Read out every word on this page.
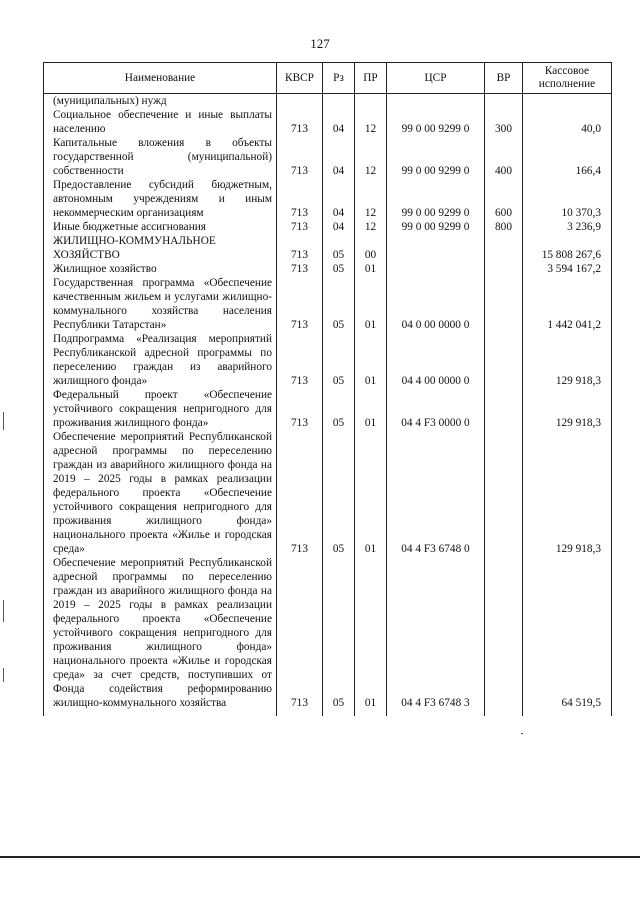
127
Наименование	КВСР	Рз	ПР	ЦСР	ВР	Кассовое исполнение
(муниципальных) нужд						
Социальное обеспечение и иные выплаты населению	713	04	12	99 0 00 9299 0	300	40,0
Капитальные вложения в объекты государственной (муниципальной) собственности	713	04	12	99 0 00 9299 0	400	166,4
Предоставление субсидий бюджетным, автономным учреждениям и иным некоммерческим организациям	713	04	12	99 0 00 9299 0	600	10 370,3
Иные бюджетные ассигнования	713	04	12	99 0 00 9299 0	800	3 236,9
ЖИЛИЩНО-КОММУНАЛЬНОЕ ХОЗЯЙСТВО	713	05	00			15 808 267,6
Жилищное хозяйство	713	05	01			3 594 167,2
Государственная программа «Обеспечение качественным жильем и услугами жилищно-коммунального хозяйства населения Республики Татарстан»	713	05	01	04 0 00 0000 0		1 442 041,2
Подпрограмма «Реализация мероприятий Республиканской адресной программы по переселению граждан из аварийного жилищного фонда»	713	05	01	04 4 00 0000 0		129 918,3
Федеральный проект «Обеспечение устойчивого сокращения непригодного для проживания жилищного фонда»	713	05	01	04 4 F3 0000 0		129 918,3
Обеспечение мероприятий Республиканской адресной программы по переселению граждан из аварийного жилищного фонда на 2019 – 2025 годы в рамках реализации федерального проекта «Обеспечение устойчивого сокращения непригодного для проживания жилищного фонда» национального проекта «Жилье и городская среда»	713	05	01	04 4 F3 6748 0		129 918,3
Обеспечение мероприятий Республиканской адресной программы по переселению граждан из аварийного жилищного фонда на 2019 – 2025 годы в рамках реализации федерального проекта «Обеспечение устойчивого сокращения непригодного для проживания жилищного фонда» национального проекта «Жилье и городская среда» за счет средств, поступивших от Фонда содействия реформированию жилищно-коммунального хозяйства	713	05	01	04 4 F3 6748 3		64 519,5
